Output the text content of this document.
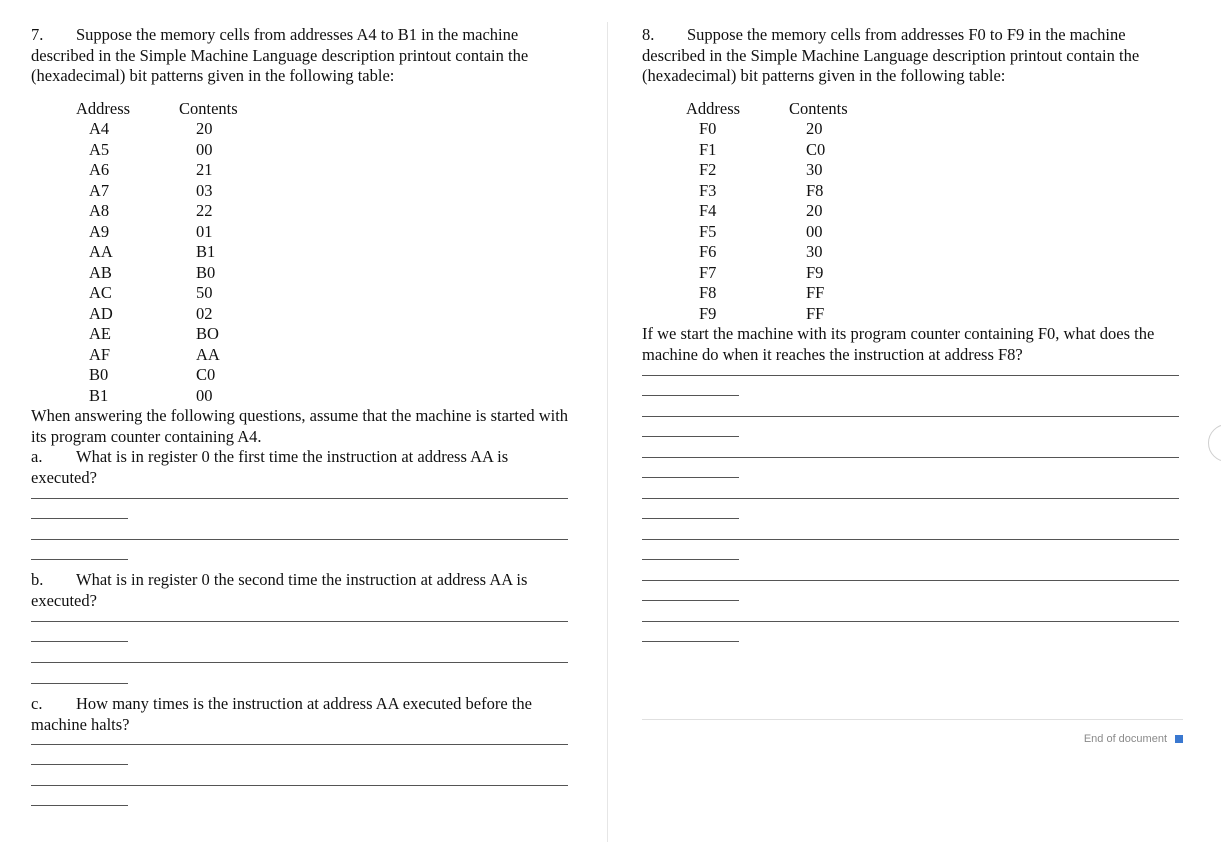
7. Suppose the memory cells from addresses A4 to B1 in the machine described in the Simple Machine Language description printout contain the (hexadecimal) bit patterns given in the following table:

Address	Contents
A4	20
A5	00
A6	21
A7	03
A8	22
A9	01
AA	B1
AB	B0
AC	50
AD	02
AE	BO
AF	AA
B0	C0
B1	00

When answering the following questions, assume that the machine is started with its program counter containing A4.

a. What is in register 0 the first time the instruction at address AA is executed?

b. What is in register 0 the second time the instruction at address AA is executed?

c. How many times is the instruction at address AA executed before the machine halts?

8. Suppose the memory cells from addresses F0 to F9 in the machine described in the Simple Machine Language description printout contain the (hexadecimal) bit patterns given in the following table:

Address	Contents
F0	20
F1	C0
F2	30
F3	F8
F4	20
F5	00
F6	30
F7	F9
F8	FF
F9	FF

If we start the machine with its program counter containing F0, what does the machine do when it reaches the instruction at address F8?

End of document
